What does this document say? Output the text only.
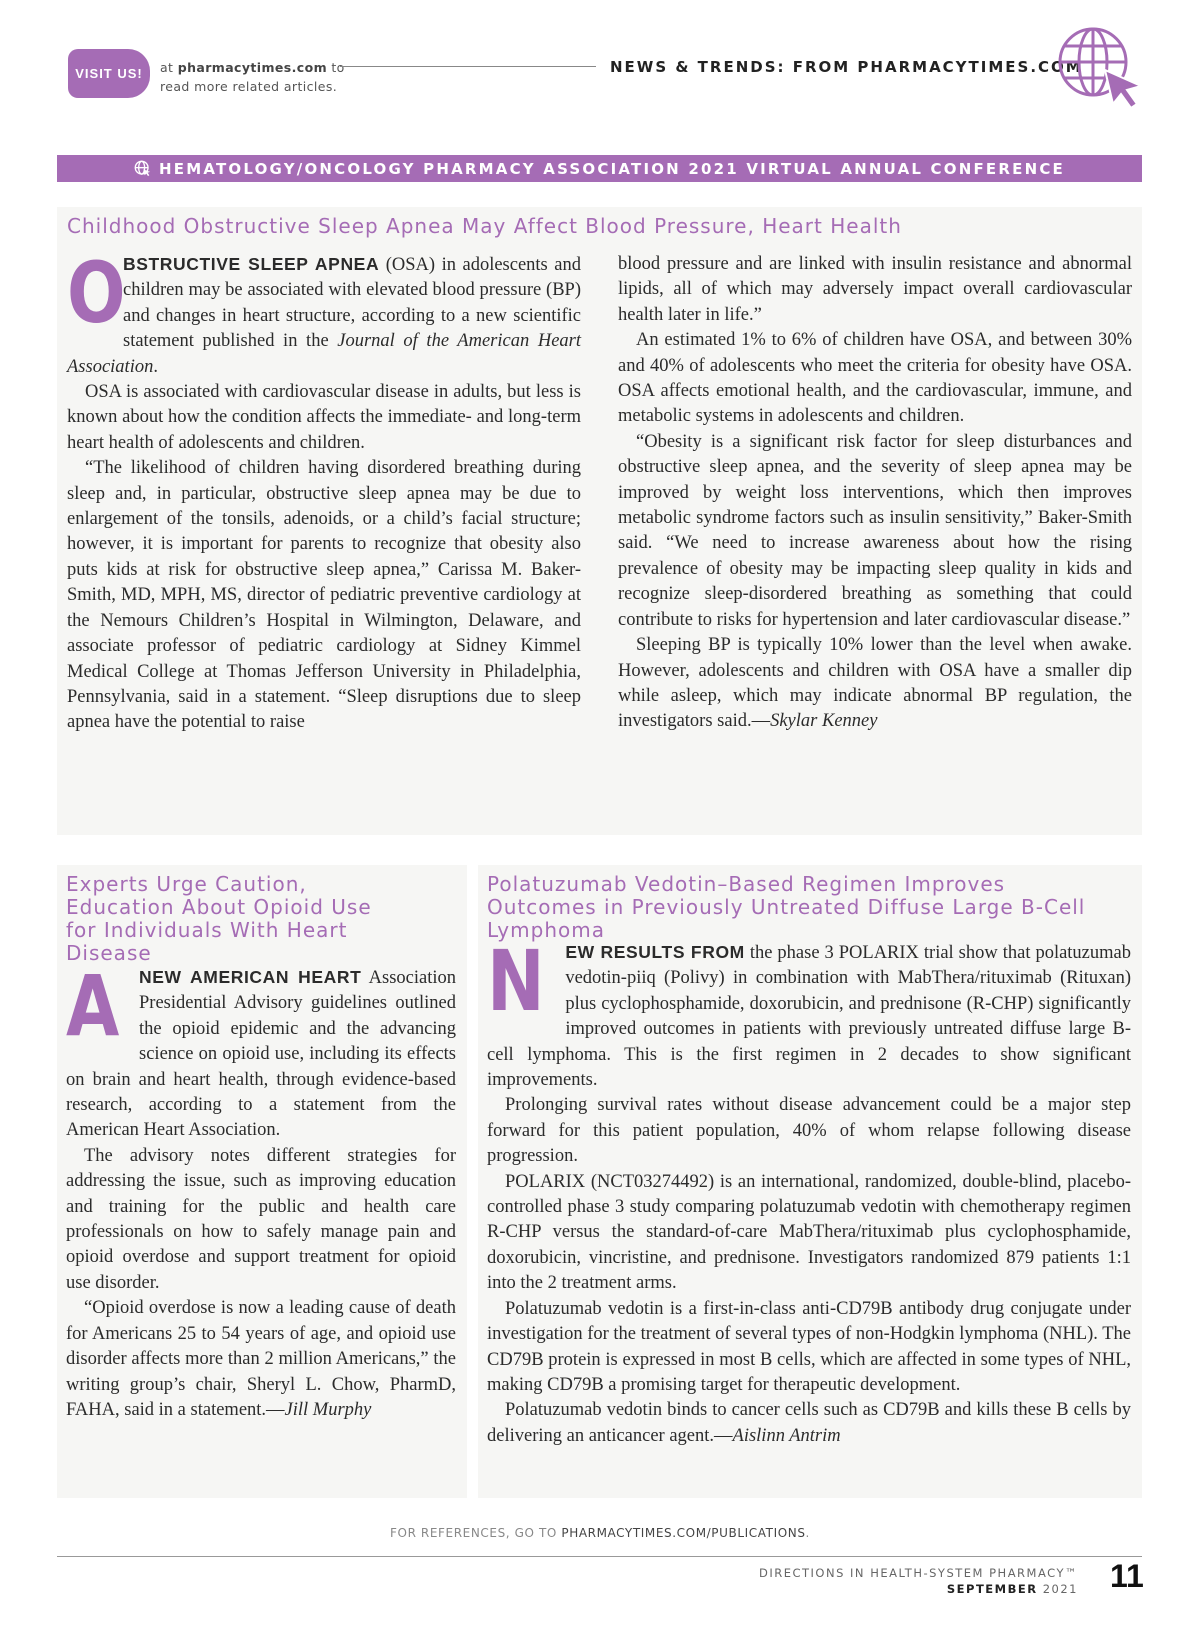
VISIT US!	at pharmacytimes.com to
read more related articles.
NEWS & TRENDS: FROM PHARMACYTIMES.COM
HEMATOLOGY/ONCOLOGY PHARMACY ASSOCIATION 2021 VIRTUAL ANNUAL CONFERENCE
Childhood Obstructive Sleep Apnea May Affect Blood Pressure, Heart Health

O
BSTRUCTIVE SLEEP APNEA (OSA) in adolescents and children may be associated with elevated blood pressure (BP) and changes in heart structure, according to a new scientific statement published in the Journal of the American Heart Association.

OSA is associated with cardiovascular disease in adults, but less is known about how the condition affects the immediate- and long-term heart health of adolescents and children.

“The likelihood of children having disordered breathing during sleep and, in particular, obstructive sleep apnea may be due to enlargement of the tonsils, adenoids, or a child’s facial structure; however, it is important for parents to recognize that obesity also puts kids at risk for obstructive sleep apnea,” Carissa M. Baker-Smith, MD, MPH, MS, director of pediatric preventive cardiology at the Nemours Children’s Hospital in Wilmington, Delaware, and associate professor of pediatric cardiology at Sidney Kimmel Medical College at Thomas Jefferson University in Philadelphia, Pennsylvania, said in a statement. “Sleep disruptions due to sleep apnea have the potential to raise

blood pressure and are linked with insulin resistance and abnormal lipids, all of which may adversely impact overall cardiovascular health later in life.”

An estimated 1% to 6% of children have OSA, and between 30% and 40% of adolescents who meet the criteria for obesity have OSA. OSA affects emotional health, and the cardiovascular, immune, and metabolic systems in adolescents and children.

“Obesity is a significant risk factor for sleep disturbances and obstructive sleep apnea, and the severity of sleep apnea may be improved by weight loss interventions, which then improves metabolic syndrome factors such as insulin sensitivity,” Baker-Smith said. “We need to increase awareness about how the rising prevalence of obesity may be impacting sleep quality in kids and recognize sleep-disordered breathing as something that could contribute to risks for hypertension and later cardiovascular disease.”

Sleeping BP is typically 10% lower than the level when awake. However, adolescents and children with OSA have a smaller dip while asleep, which may indicate abnormal BP regulation, the investigators said.—Skylar Kenney

Experts Urge Caution, Education About Opioid Use for Individuals With Heart Disease

A NEW AMERICAN HEART Association Presidential Advisory guidelines outlined the opioid epidemic and the advancing science on opioid use, including its effects on brain and heart health, through evidence-based research, according to a statement from the American Heart Association.

The advisory notes different strategies for addressing the issue, such as improving education and training for the public and health care professionals on how to safely manage pain and opioid overdose and support treatment for opioid use disorder.

“Opioid overdose is now a leading cause of death for Americans 25 to 54 years of age, and opioid use disorder affects more than 2 million Americans,” the writing group’s chair, Sheryl L. Chow, PharmD, FAHA, said in a statement.—Jill Murphy

Polatuzumab Vedotin–Based Regimen Improves Outcomes in Previously Untreated Diffuse Large B-Cell Lymphoma

N EW RESULTS FROM the phase 3 POLARIX trial show that polatuzumab vedotin-piiq (Polivy) in combination with MabThera/rituximab (Rituxan) plus cyclophosphamide, doxorubicin, and prednisone (R-CHP) significantly improved outcomes in patients with previously untreated diffuse large B-cell lymphoma. This is the first regimen in 2 decades to show significant improvements.

Prolonging survival rates without disease advancement could be a major step forward for this patient population, 40% of whom relapse following disease progression.

POLARIX (NCT03274492) is an international, randomized, double-blind, placebo-controlled phase 3 study comparing polatuzumab vedotin with chemotherapy regimen R-CHP versus the standard-of-care MabThera/rituximab plus cyclophosphamide, doxorubicin, vincristine, and prednisone. Investigators randomized 879 patients 1:1 into the 2 treatment arms.

Polatuzumab vedotin is a first-in-class anti-CD79B antibody drug conjugate under investigation for the treatment of several types of non-Hodgkin lymphoma (NHL). The CD79B protein is expressed in most B cells, which are affected in some types of NHL, making CD79B a promising target for therapeutic development.

Polatuzumab vedotin binds to cancer cells such as CD79B and kills these B cells by delivering an anticancer agent.—Aislinn Antrim

FOR REFERENCES, GO TO PHARMACYTIMES.COM/PUBLICATIONS.
DIRECTIONS IN HEALTH-SYSTEM PHARMACY™
SEPTEMBER 2021 11
